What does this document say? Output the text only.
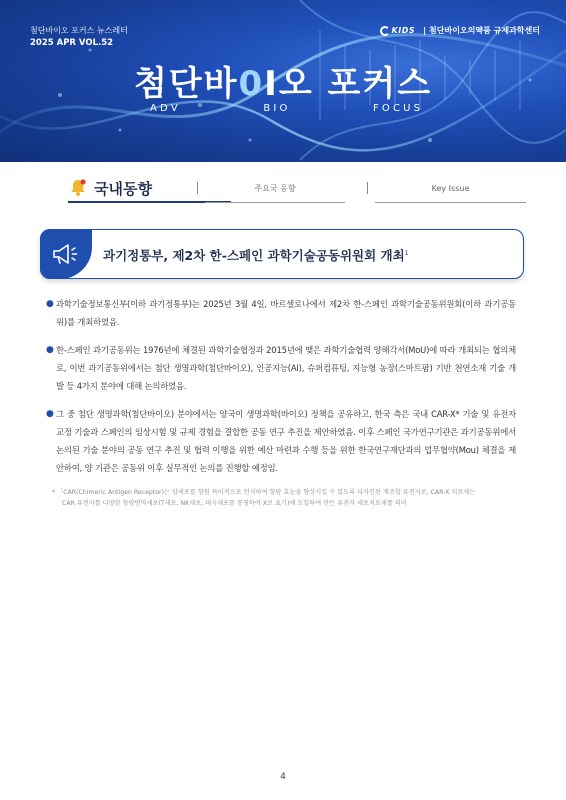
첨단바이오 포커스 뉴스레터
2025 APR VOL.52
KIDS | 첨단바이오의약품 규제과학센터
첨단바0I오 포커스
A D V	B I O	F O C U S
국내동향	주요국 동향	Key Issue
과기정통부, 제2차 한-스페인 과학기술공동위원회 개최$^1$
● 과학기술정보통신부(이하 과기정통부)는 2025년 3월 4일, 바르셀로나에서 제2차 한-스페인 과학기술공동위원회(이하 과기공동위)를 개최하였음.
● 한-스페인 과기공동위는 1976년에 체결된 과학기술협정과 2015년에 맺은 과학기술협력 양해각서(MoU)에 따라 개최되는 협의체로, 이번 과기공동위에서는 첨단 생명과학(첨단바이오), 인공지능(AI), 슈퍼컴퓨팅, 지능형 농장(스마트팜) 기반 천연소재 기술 개발 등 4가지 분야에 대해 논의하였음.
● 그 중 첨단 생명과학(첨단바이오) 분야에서는 양국이 생명과학(바이오) 정책을 공유하고, 한국 측은 국내 CAR-X* 기술 및 유전자 교정 기술과 스페인의 임상시험 및 규제 경험을 결합한 공동 연구 추진을 제안하였음. 이후 스페인 국가연구기관은 과기공동위에서 논의된 기술 분야의 공동 연구 추진 및 협력 이행을 위한 예산 마련과 수행 등을 위한 한국연구재단과의 업무협약(Mou) 체결을 제안하여, 양 기관은 공동위 이후 실무적인 논의를 진행할 예정임.
* 「CAR(Chimeric Antigen Receptor)는 암세포를 항원 특이적으로 인식하여 항암 효능을 향상시킬 수 있도록 디자인된 재조합 유전자로, CAR-X 치료제는
CAR 유전자를 다양한 항암면역세포(T세포, NK세포, 대식세포를 통칭하여 X로 표기)에 도입하여 만든 유전자 세포치료제를 의미
4
